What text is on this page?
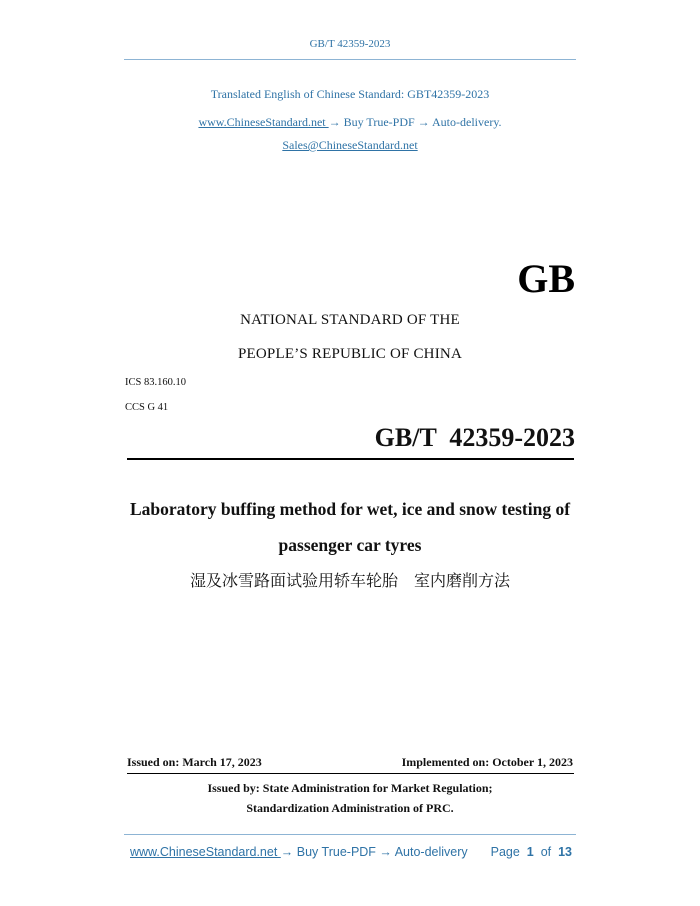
GB/T 42359-2023
Translated English of Chinese Standard: GBT42359-2023
www.ChineseStandard.net → Buy True-PDF → Auto-delivery.
Sales@ChineseStandard.net
GB
NATIONAL STANDARD OF THE
PEOPLE’S REPUBLIC OF CHINA
ICS 83.160.10
CCS G 41
GB/T  42359-2023
Laboratory buffing method for wet, ice and snow testing of
passenger car tyres
湿及冰雪路面试验用轿车轮胎　室内磨削方法
Issued on: March 17, 2023	Implemented on: October 1, 2023
Issued by: State Administration for Market Regulation;
Standardization Administration of PRC.
www.ChineseStandard.net → Buy True-PDF → Auto-delivery Page 1 of 13
